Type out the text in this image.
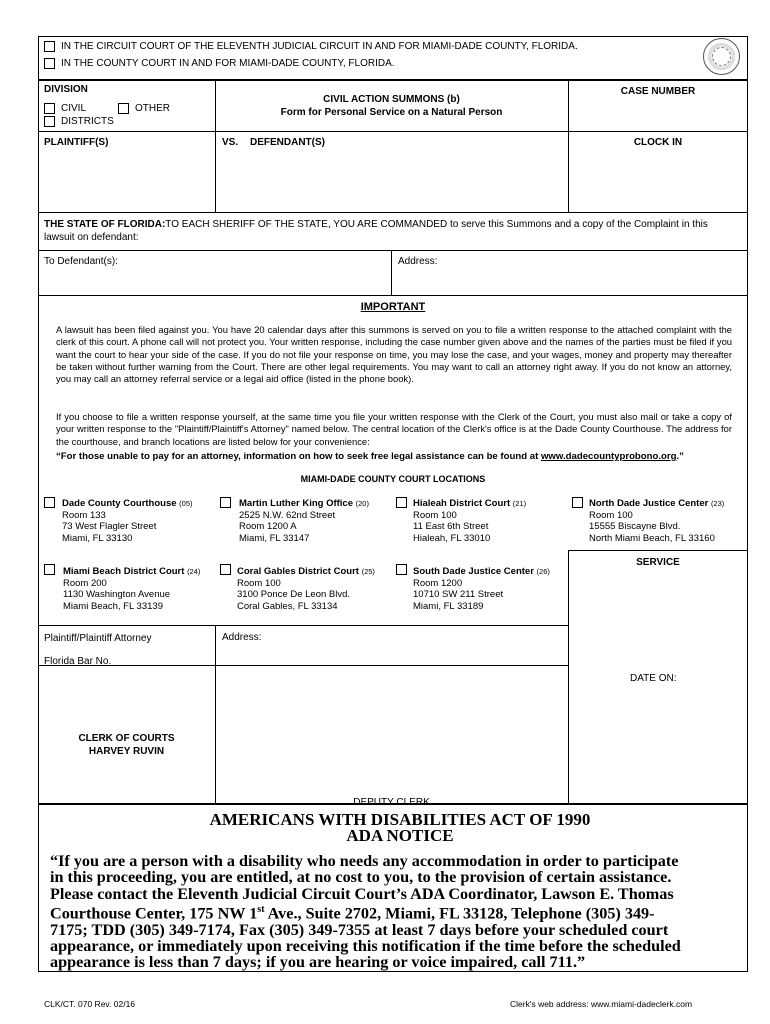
IN THE CIRCUIT COURT OF THE ELEVENTH JUDICIAL CIRCUIT IN AND FOR MIAMI-DADE COUNTY, FLORIDA.
IN THE COUNTY COURT IN AND FOR MIAMI-DADE COUNTY, FLORIDA.
DIVISION
CIVIL	OTHER
DISTRICTS
CIVIL ACTION SUMMONS (b)
Form for Personal Service on a Natural Person
CASE NUMBER
PLAINTIFF(S)	VS. DEFENDANT(S)	CLOCK IN
THE STATE OF FLORIDA:TO EACH SHERIFF OF THE STATE, YOU ARE COMMANDED to serve this Summons and a copy of the Complaint in this lawsuit on defendant:
To Defendant(s):	Address:
IMPORTANT
A lawsuit has been filed against you. You have 20 calendar days after this summons is served on you to file a written response to the attached complaint with the clerk of this court. A phone call will not protect you. Your written response, including the case number given above and the names of the parties must be filed if you want the court to hear your side of the case. If you do not file your response on time, you may lose the case, and your wages, money and property may thereafter be taken without further warning from the Court. There are other legal requirements. You may want to call an attorney right away. If you do not know an attorney, you may call an attorney referral service or a legal aid office (listed in the phone book).
If you choose to file a written response yourself, at the same time you file your written response with the Clerk of the Court, you must also mail or take a copy of your written response to the "Plaintiff/Plaintiff's Attorney" named below. The central location of the Clerk's office is at the Dade County Courthouse. The address for the courthouse, and branch locations are listed below for your convenience:
“For those unable to pay for an attorney, information on how to seek free legal assistance can be found at www.dadecountyprobono.org.”
MIAMI-DADE COUNTY COURT LOCATIONS
Dade County Courthouse (05)
Room 133
73 West Flagler Street
Miami, FL 33130
Martin Luther King Office (20)
2525 N.W. 62nd Street
Room 1200 A
Miami, FL 33147
Hialeah District Court (21)
Room 100
11 East 6th Street
Hialeah, FL 33010
North Dade Justice Center (23)
Room 100
15555 Biscayne Blvd.
North Miami Beach, FL 33160
SERVICE
Miami Beach District Court (24)
Room 200
1130 Washington Avenue
Miami Beach, FL 33139
Coral Gables District Court (25)
Room 100
3100 Ponce De Leon Blvd.
Coral Gables, FL 33134
South Dade Justice Center (26)
Room 1200
10710 SW 211 Street
Miami, FL 33189
Plaintiff/Plaintiff Attorney	Address:
Florida Bar No.
DATE ON:
CLERK OF COURTS
HARVEY RUVIN
DEPUTY CLERK
AMERICANS WITH DISABILITIES ACT OF 1990
ADA NOTICE
“If you are a person with a disability who needs any accommodation in order to participate
in this proceeding, you are entitled, at no cost to you, to the provision of certain assistance.
Please contact the Eleventh Judicial Circuit Court’s ADA Coordinator, Lawson E. Thomas
Courthouse Center, 175 NW 1st Ave., Suite 2702, Miami, FL 33128, Telephone (305) 349-
7175; TDD (305) 349-7174, Fax (305) 349-7355 at least 7 days before your scheduled court
appearance, or immediately upon receiving this notification if the time before the scheduled
appearance is less than 7 days; if you are hearing or voice impaired, call 711.”
CLK/CT. 070 Rev. 02/16	Clerk's web address: www.miami-dadeclerk.com
